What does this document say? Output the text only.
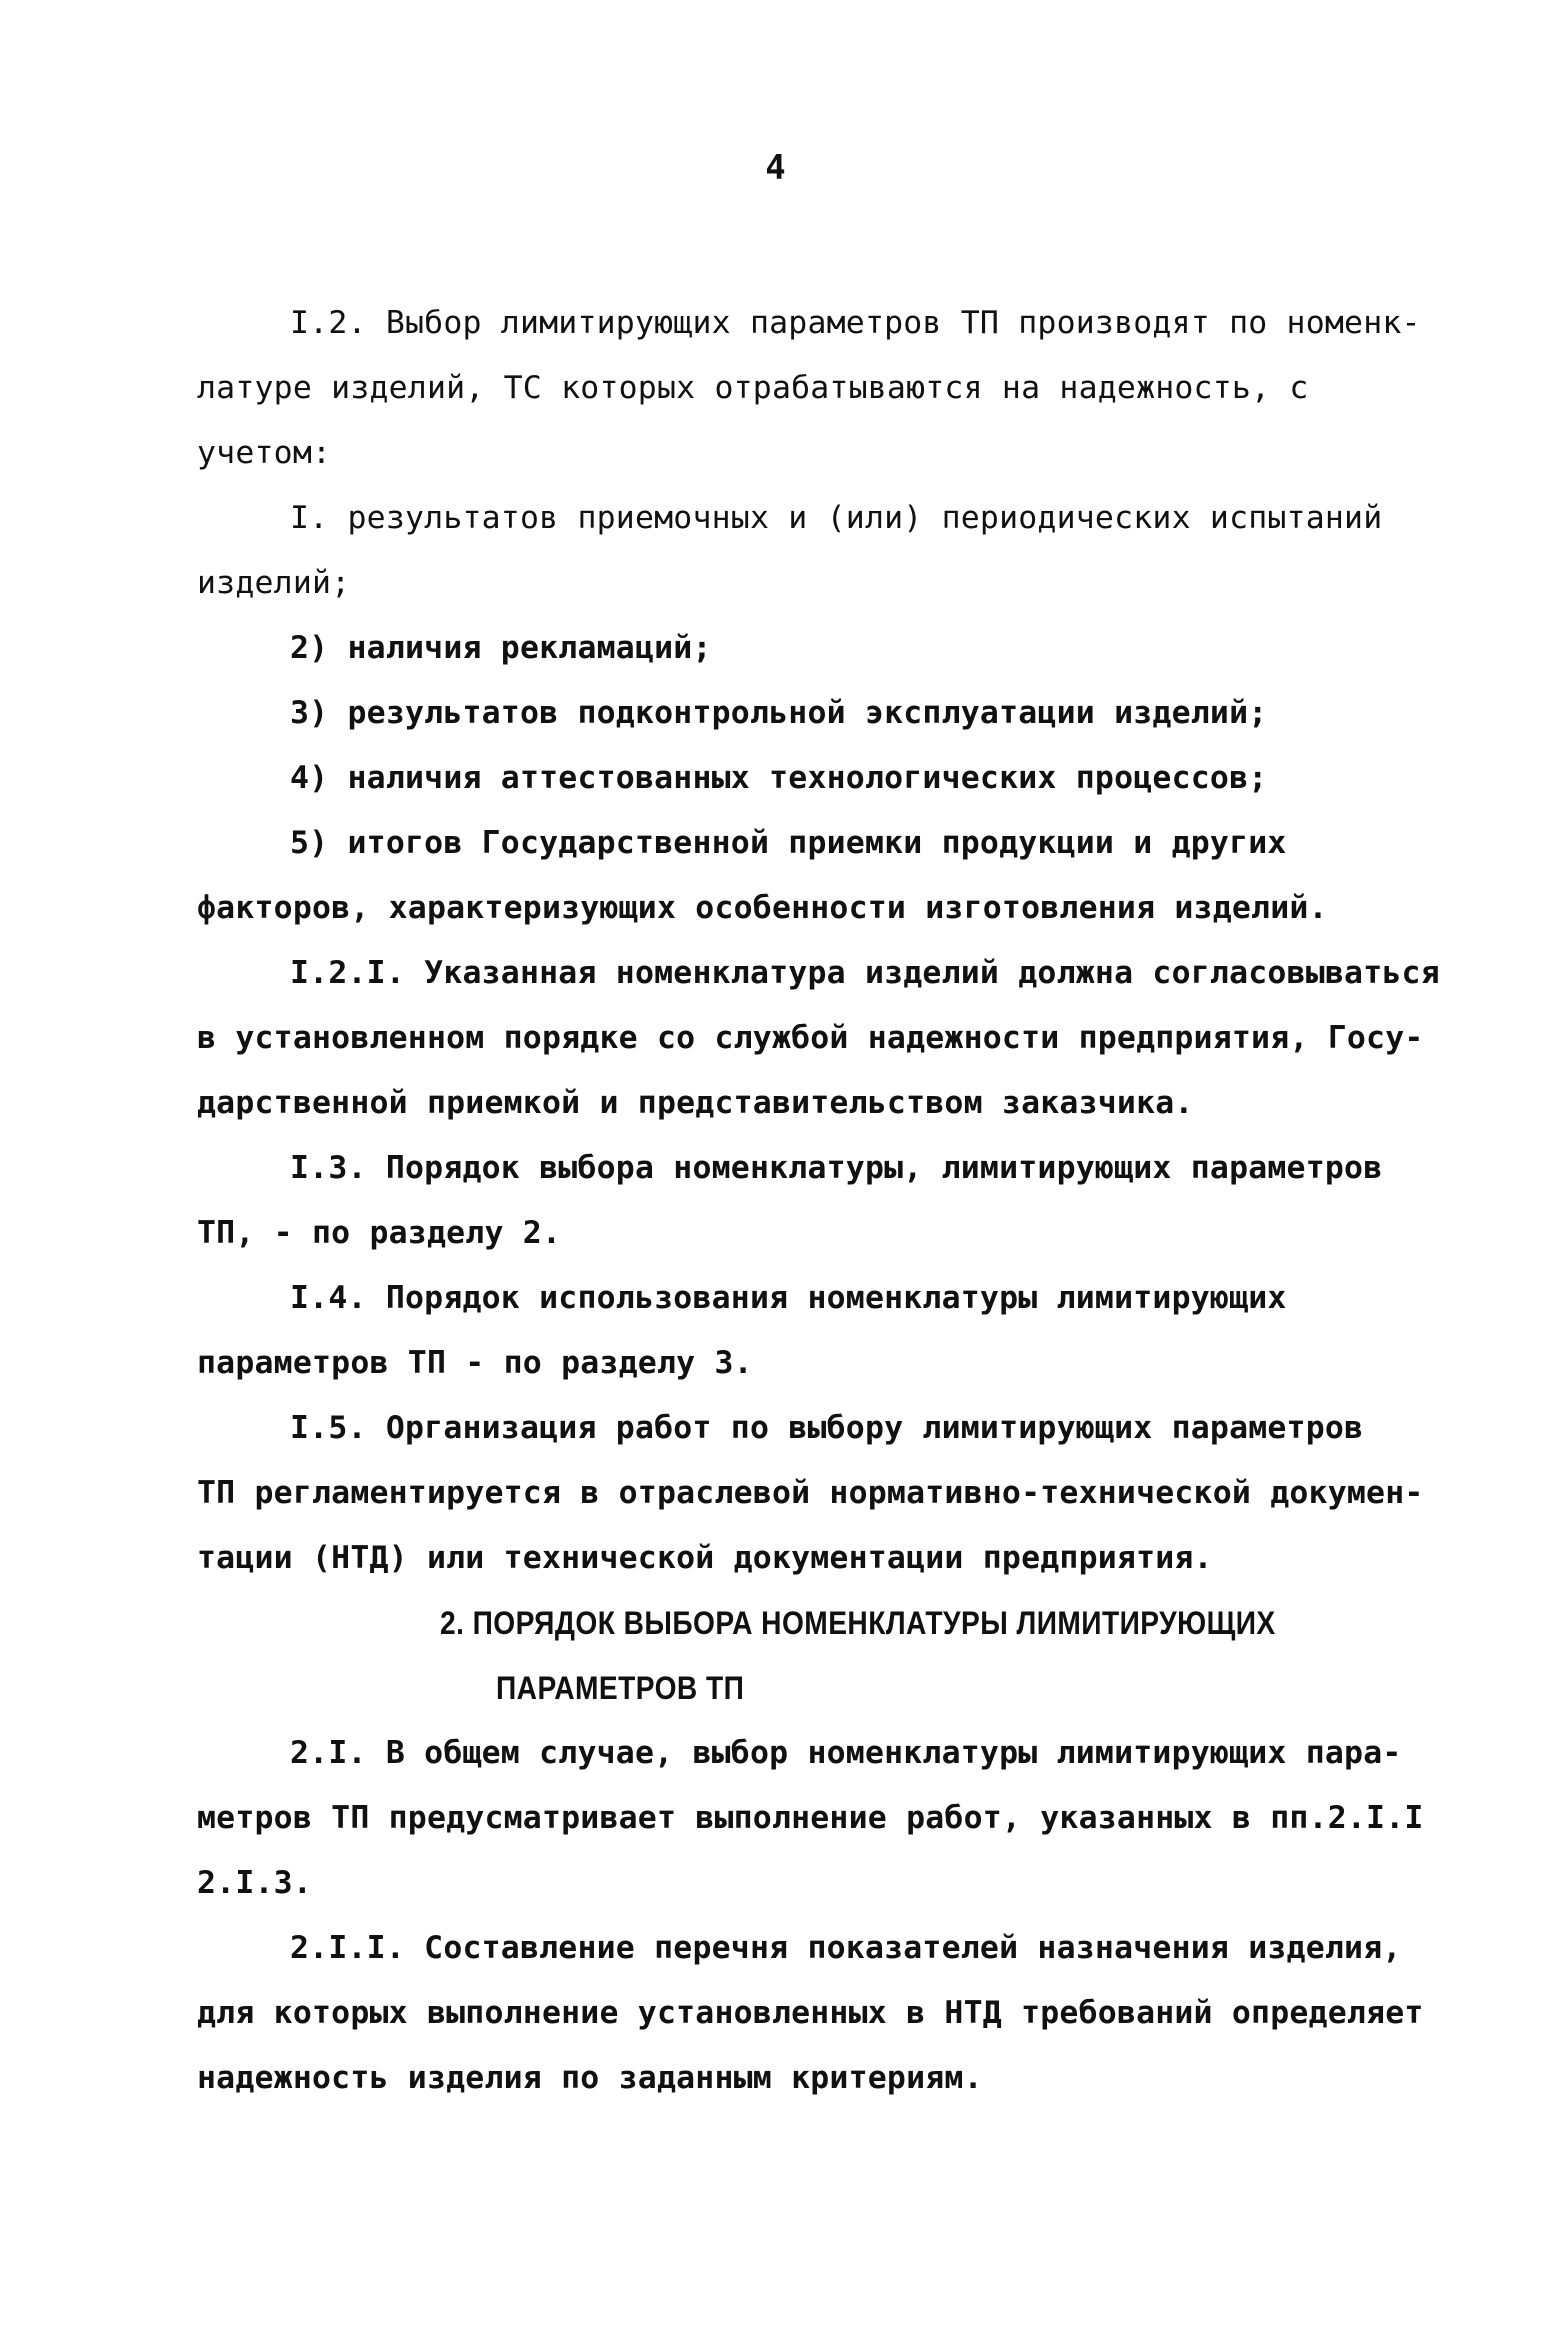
4
I.2. Выбор лимитирующих параметров ТП производят по номенк-
латуре изделий, ТС которых отрабатываются на надежность, с
учетом:
I. результатов приемочных и (или) периодических испытаний
изделий;
2) наличия рекламаций;
3) результатов подконтрольной эксплуатации изделий;
4) наличия аттестованных технологических процессов;
5) итогов Государственной приемки продукции и других
факторов, характеризующих особенности изготовления изделий.
I.2.I. Указанная номенклатура изделий должна согласовываться
в установленном порядке со службой надежности предприятия, Госу-
дарственной приемкой и представительством заказчика.
I.3. Порядок выбора номенклатуры, лимитирующих параметров
ТП, - по разделу 2.
I.4. Порядок использования номенклатуры лимитирующих
параметров ТП - по разделу 3.
I.5. Организация работ по выбору лимитирующих параметров
ТП регламентируется в отраслевой нормативно-технической докумен-
тации (НТД) или технической документации предприятия.
2. ПОРЯДОК ВЫБОРА НОМЕНКЛАТУРЫ ЛИМИТИРУЮЩИХ
ПАРАМЕТРОВ ТП
2.I. В общем случае, выбор номенклатуры лимитирующих пара-
метров ТП предусматривает выполнение работ, указанных в пп.2.I.I
2.I.3.
2.I.I. Составление перечня показателей назначения изделия,
для которых выполнение установленных в НТД требований определяет
надежность изделия по заданным критериям.
